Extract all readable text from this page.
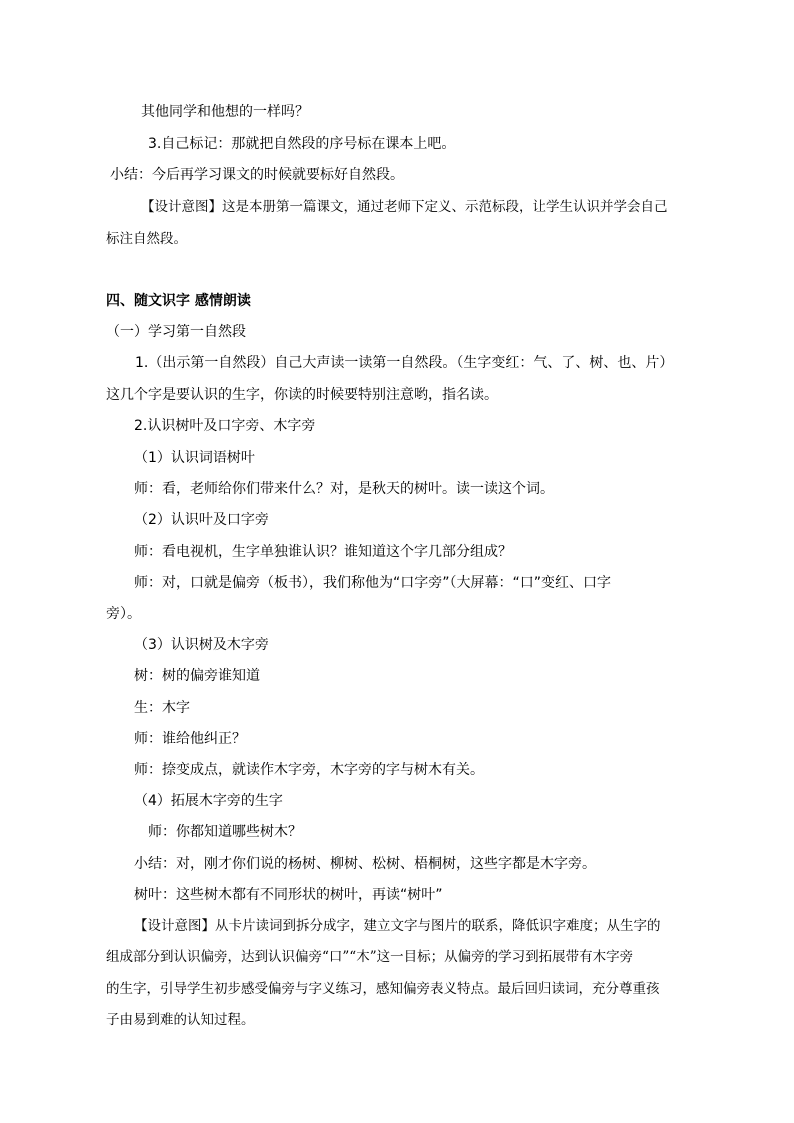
其他同学和他想的一样吗？
3.自己标记：那就把自然段的序号标在课本上吧。
小结：今后再学习课文的时候就要标好自然段。
【设计意图】这是本册第一篇课文，通过老师下定义、示范标段，让学生认识并学会自己
标注自然段。
四、随文识字 感情朗读
（一）学习第一自然段
1.（出示第一自然段）自己大声读一读第一自然段。（生字变红：气、了、树、也、片）
这几个字是要认识的生字，你读的时候要特别注意哟，指名读。
2.认识树叶及口字旁、木字旁
（1）认识词语树叶
师：看，老师给你们带来什么？对，是秋天的树叶。读一读这个词。
（2）认识叶及口字旁
师：看电视机，生字单独谁认识？谁知道这个字几部分组成？
师：对，口就是偏旁（板书），我们称他为“口字旁”（大屏幕：“口”变红、口字
旁）。
（3）认识树及木字旁
树：树的偏旁谁知道
生：木字
师：谁给他纠正？
师：捺变成点，就读作木字旁，木字旁的字与树木有关。
（4）拓展木字旁的生字
师：你都知道哪些树木？
小结：对，刚才你们说的杨树、柳树、松树、梧桐树，这些字都是木字旁。
树叶：这些树木都有不同形状的树叶，再读“树叶”
【设计意图】从卡片读词到拆分成字，建立文字与图片的联系，降低识字难度；从生字的
组成部分到认识偏旁，达到认识偏旁“口”“木”这一目标；从偏旁的学习到拓展带有木字旁
的生字，引导学生初步感受偏旁与字义练习，感知偏旁表义特点。最后回归读词，充分尊重孩
子由易到难的认知过程。
